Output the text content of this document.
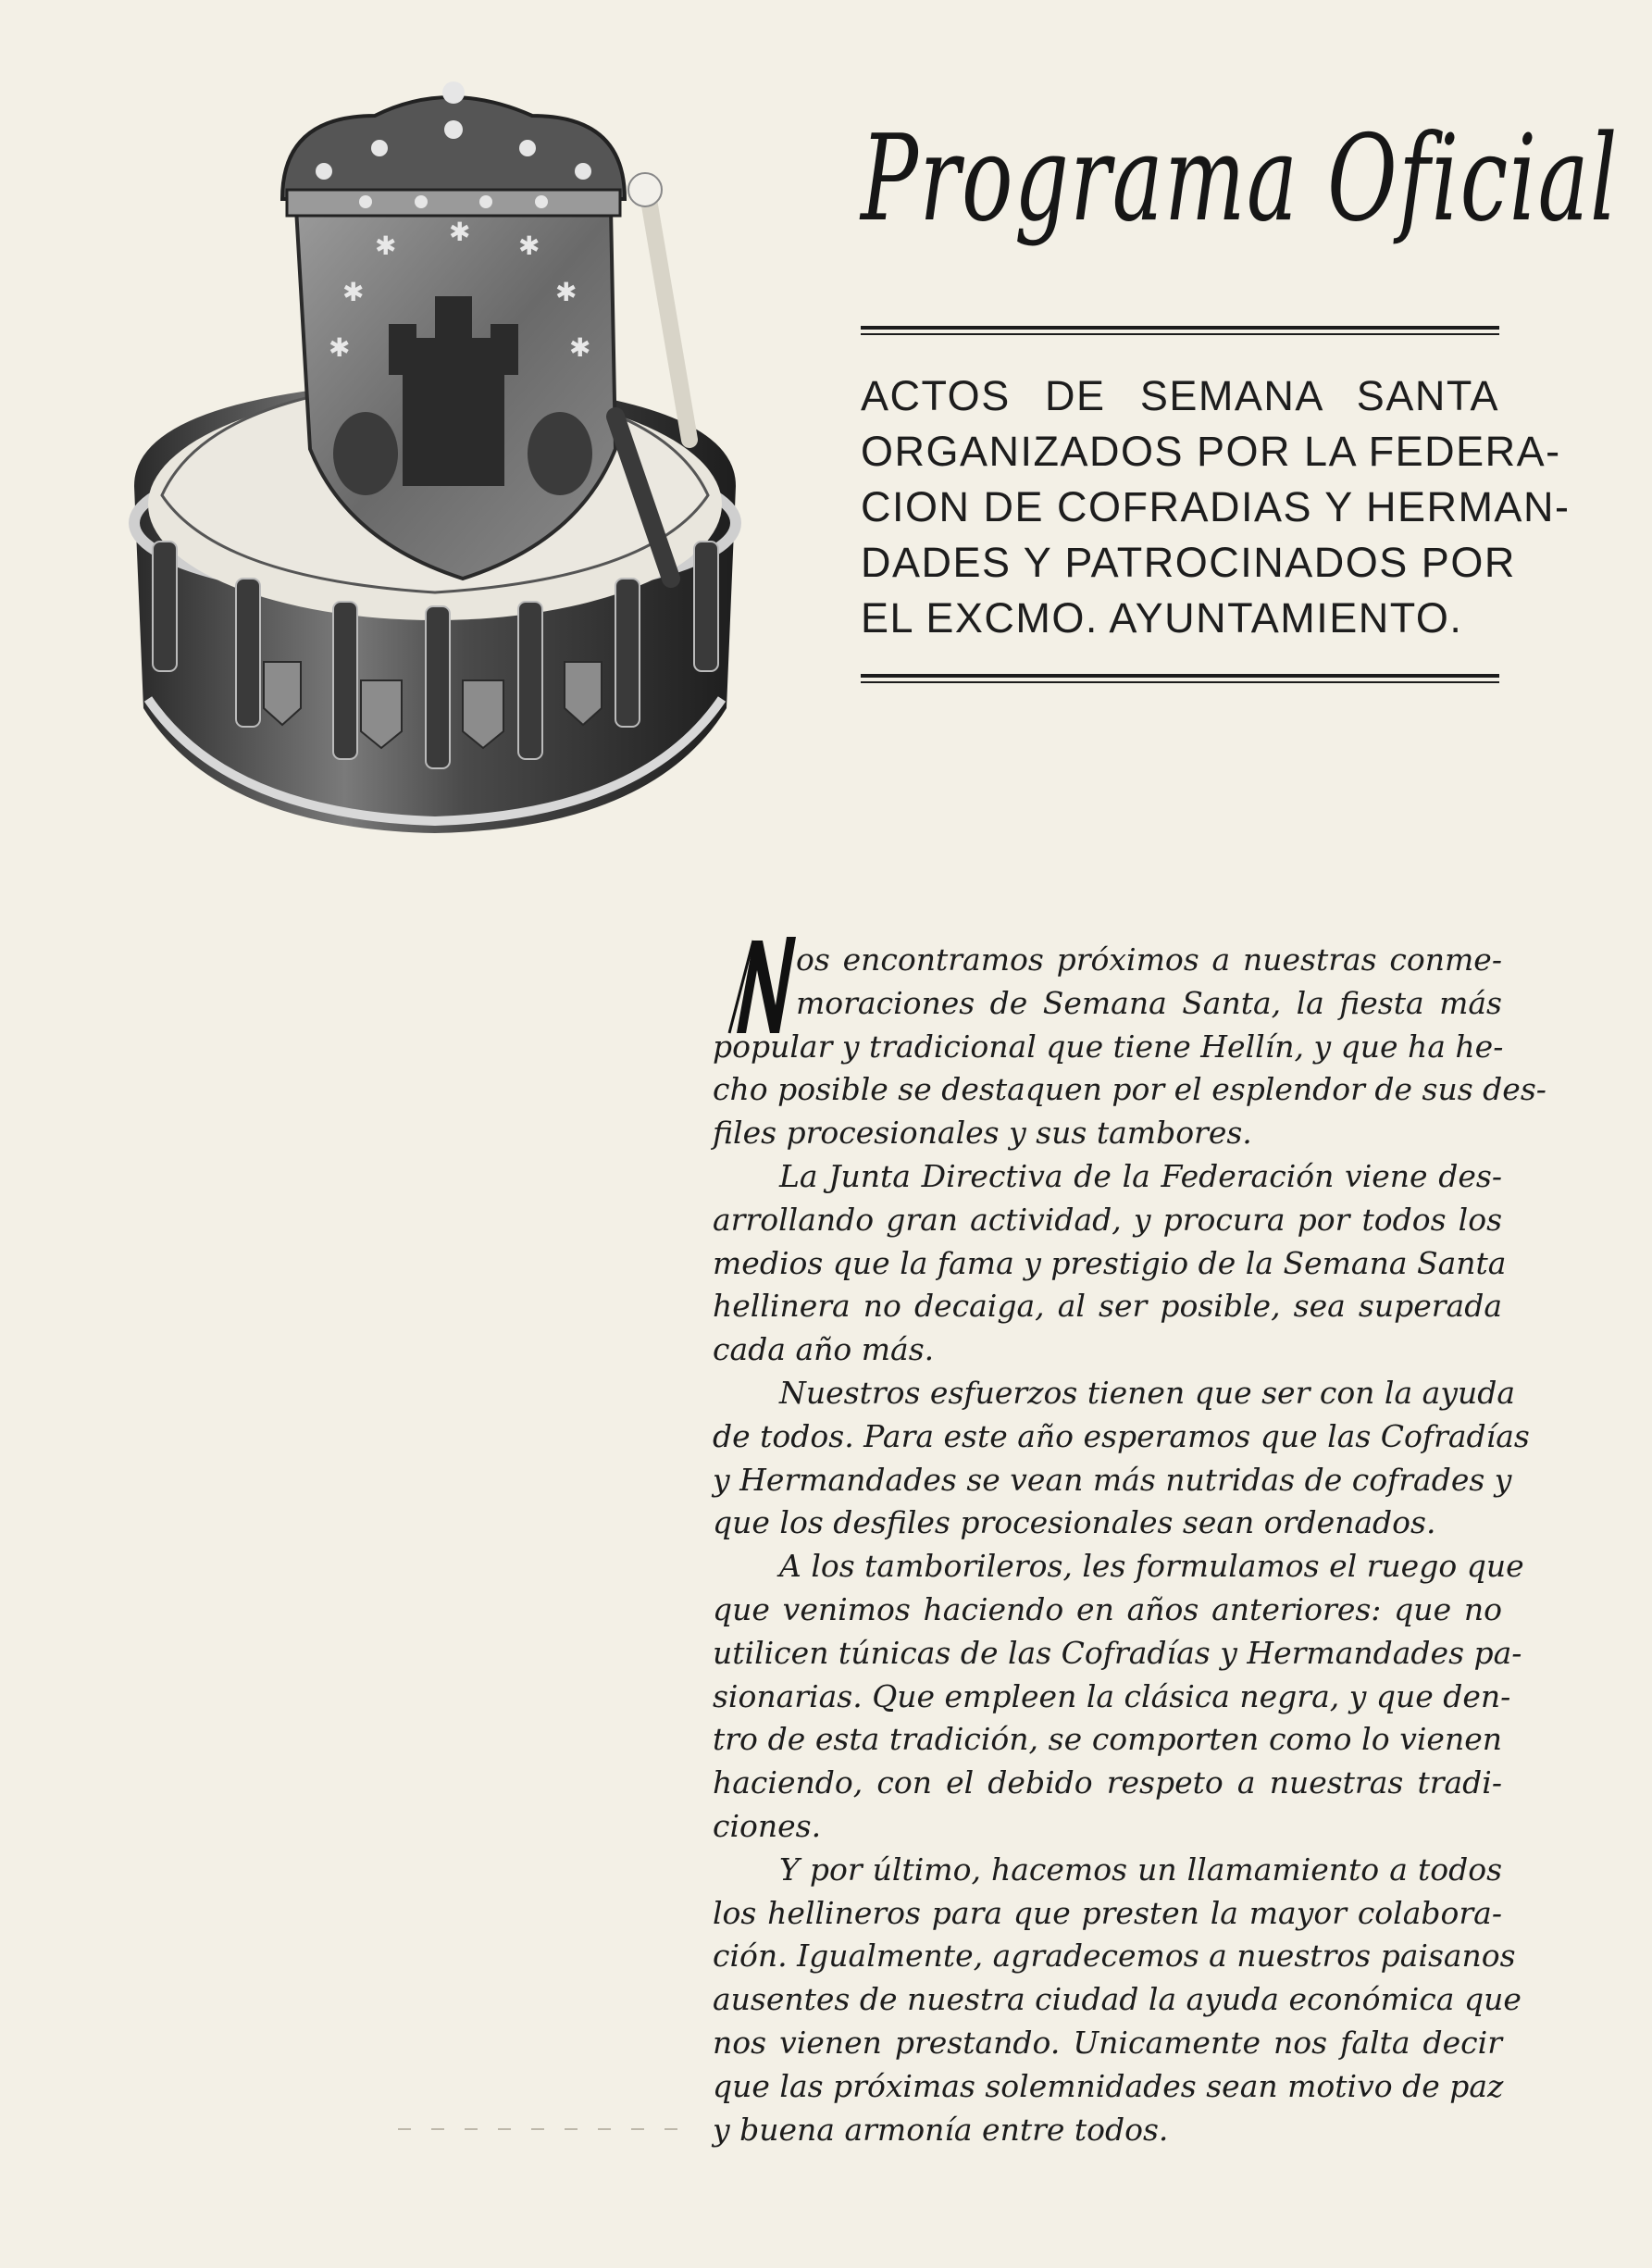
✱ ✱ ✱
✱	✱
✱	✱
Programa Oficial
ACTOS DE SEMANA SANTA
ORGANIZADOS POR LA FEDERA-
CION DE COFRADIAS Y HERMAN-
DADES Y PATROCINADOS POR
EL EXCMO. AYUNTAMIENTO.
os encontramos próximos a nuestras conme-
moraciones de Semana Santa, la fiesta más
popular y tradicional que tiene Hellín, y que ha he-
cho posible se destaquen por el esplendor de sus des-
files procesionales y sus tambores.
La Junta Directiva de la Federación viene des-
arrollando gran actividad, y procura por todos los
medios que la fama y prestigio de la Semana Santa
hellinera no decaiga, al ser posible, sea superada
cada año más.
Nuestros esfuerzos tienen que ser con la ayuda
de todos. Para este año esperamos que las Cofradías
y Hermandades se vean más nutridas de cofrades y
que los desfiles procesionales sean ordenados.
A los tamborileros, les formulamos el ruego que
que venimos haciendo en años anteriores: que no
utilicen túnicas de las Cofradías y Hermandades pa-
sionarias. Que empleen la clásica negra, y que den-
tro de esta tradición, se comporten como lo vienen
haciendo, con el debido respeto a nuestras tradi-
ciones.
Y por último, hacemos un llamamiento a todos
los hellineros para que presten la mayor colabora-
ción. Igualmente, agradecemos a nuestros paisanos
ausentes de nuestra ciudad la ayuda económica que
nos vienen prestando. Unicamente nos falta decir
que las próximas solemnidades sean motivo de paz
y buena armonía entre todos.
